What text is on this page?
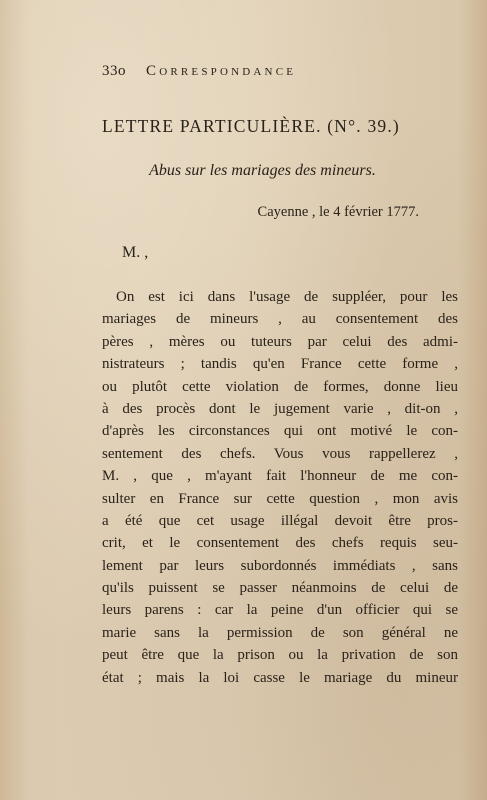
33o Correspondance
LETTRE PARTICULIÈRE. (N°. 39.)
Abus sur les mariages des mineurs.
Cayenne , le 4 février 1777.
M. ,
On est ici dans l'usage de suppléer, pour les
mariages de mineurs , au consentement des
pères , mères ou tuteurs par celui des admi-
nistrateurs ; tandis qu'en France cette forme ,
ou plutôt cette violation de formes, donne lieu
à des procès dont le jugement varie , dit-on ,
d'après les circonstances qui ont motivé le con-
sentement des chefs. Vous vous rappellerez ,
M. , que , m'ayant fait l'honneur de me con-
sulter en France sur cette question , mon avis
a été que cet usage illégal devoit être pros-
crit, et le consentement des chefs requis seu-
lement par leurs subordonnés immédiats , sans
qu'ils puissent se passer néanmoins de celui de
leurs parens : car la peine d'un officier qui se
marie sans la permission de son général ne
peut être que la prison ou la privation de son
état ; mais la loi casse le mariage du mineur
